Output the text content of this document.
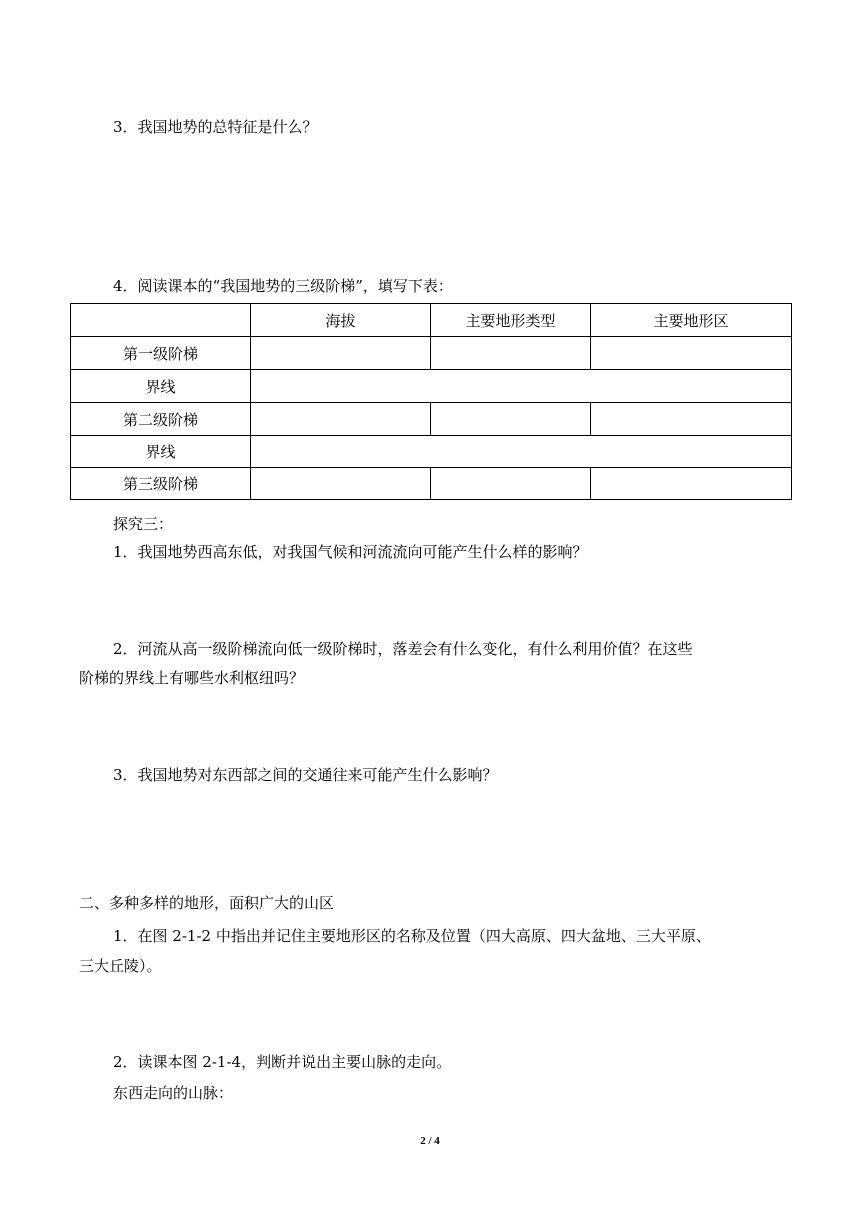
3．我国地势的总特征是什么？
4．阅读课本的“我国地势的三级阶梯”，填写下表：
	海拔	主要地形类型	主要地形区
第一级阶梯			
界线			
第二级阶梯			
界线			
第三级阶梯			
探究三：
1．我国地势西高东低，对我国气候和河流流向可能产生什么样的影响？
2．河流从高一级阶梯流向低一级阶梯时，落差会有什么变化，有什么利用价值？在这些
阶梯的界线上有哪些水利枢纽吗？
3．我国地势对东西部之间的交通往来可能产生什么影响？
二、多种多样的地形，面积广大的山区
1．在图 2-1-2 中指出并记住主要地形区的名称及位置（四大高原、四大盆地、三大平原、
三大丘陵）。
2．读课本图 2-1-4，判断并说出主要山脉的走向。
东西走向的山脉：
2 / 4
